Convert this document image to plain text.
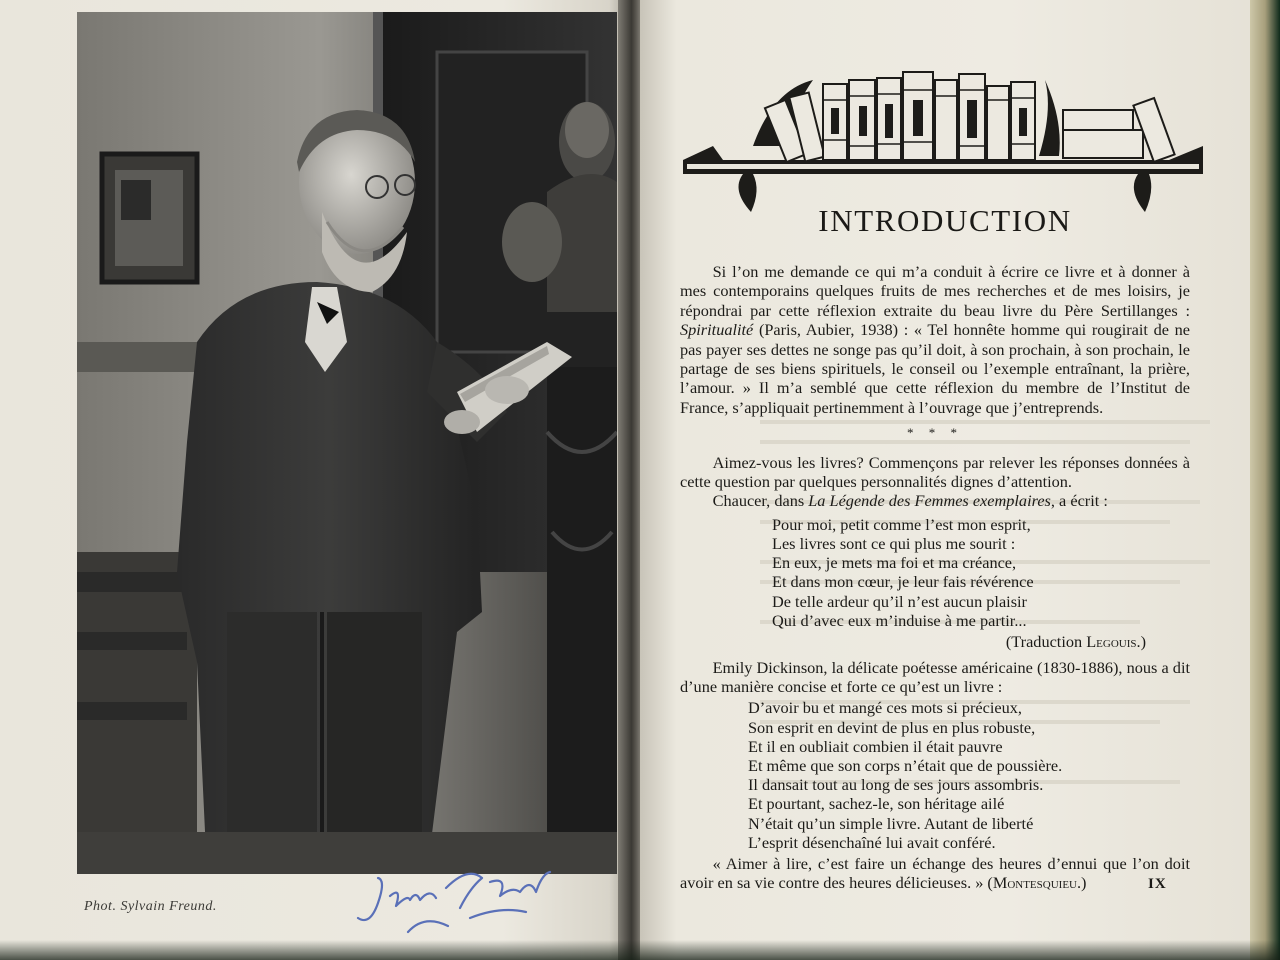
Phot. Sylvain Freund.

INTRODUCTION

Si l’on me demande ce qui m’a conduit à écrire ce livre et à donner à mes contemporains quelques fruits de mes recherches et de mes loisirs, je répondrai par cette réflexion extraite du beau livre du Père Sertillanges : Spiritualité (Paris, Aubier, 1938) : « Tel honnête homme qui rougirait de ne pas payer ses dettes ne songe pas qu’il doit, à son prochain, à son prochain, le partage de ses biens spirituels, le conseil ou l’exemple entraînant, la prière, l’amour. » Il m’a semblé que cette réflexion du membre de l’Institut de France, s’appliquait pertinemment à l’ouvrage que j’entreprends.

* * *

Aimez-vous les livres? Commençons par relever les réponses données à cette question par quelques personnalités dignes d’attention.

Chaucer, dans La Légende des Femmes exemplaires, a écrit :

Pour moi, petit comme l’est mon esprit,
Les livres sont ce qui plus me sourit :
En eux, je mets ma foi et ma créance,
Et dans mon cœur, je leur fais révérence
De telle ardeur qu’il n’est aucun plaisir
Qui d’avec eux m’induise à me partir...

(Traduction Legouis.)

Emily Dickinson, la délicate poétesse américaine (1830-1886), nous a dit d’une manière concise et forte ce qu’est un livre :

D’avoir bu et mangé ces mots si précieux,
Son esprit en devint de plus en plus robuste,
Et il en oubliait combien il était pauvre
Et même que son corps n’était que de poussière.
Il dansait tout au long de ses jours assombris.
Et pourtant, sachez-le, son héritage ailé
N’était qu’un simple livre. Autant de liberté
L’esprit désenchaîné lui avait conféré.

« Aimer à lire, c’est faire un échange des heures d’ennui que l’on doit avoir en sa vie contre des heures délicieuses. » (Montesquieu.)	IX
